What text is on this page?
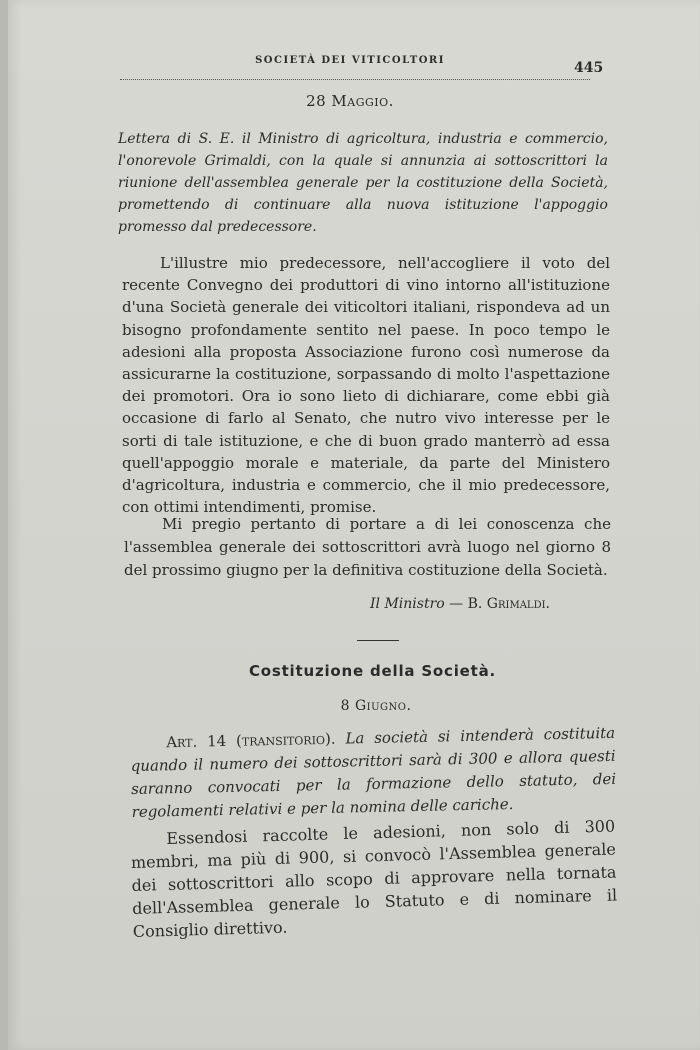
SOCIETÀ DEI VITICOLTORI	445
28 Maggio.

Lettera di S. E. il Ministro di agricoltura, industria e commercio, l'onorevole Grimaldi, con la quale si annunzia ai sottoscrittori la riunione dell'assemblea generale per la costituzione della Società, promettendo di continuare alla nuova istituzione l'appoggio promesso dal predecessore.

L'illustre mio predecessore, nell'accogliere il voto del recente Convegno dei produttori di vino intorno all'istituzione d'una Società generale dei viticoltori italiani, rispondeva ad un bisogno profondamente sentito nel paese. In poco tempo le adesioni alla proposta Associazione furono così numerose da assicurarne la costituzione, sorpassando di molto l'aspettazione dei promotori. Ora io sono lieto di dichiarare, come ebbi già occasione di farlo al Senato, che nutro vivo interesse per le sorti di tale istituzione, e che di buon grado manterrò ad essa quell'appoggio morale e materiale, da parte del Ministero d'agricoltura, industria e commercio, che il mio predecessore, con ottimi intendimenti, promise.

Mi pregio pertanto di portare a di lei conoscenza che l'assemblea generale dei sottoscrittori avrà luogo nel giorno 8 del prossimo giugno per la definitiva costituzione della Società.

Il Ministro — B. Grimaldi.
Costituzione della Società.
8 Giugno.

Art. 14 (transitorio). La società si intenderà costituita quando il numero dei sottoscrittori sarà di 300 e allora questi saranno convocati per la formazione dello statuto, dei regolamenti relativi e per la nomina delle cariche.

Essendosi raccolte le adesioni, non solo di 300 membri, ma più di 900, si convocò l'Assemblea generale dei sottoscrittori allo scopo di approvare nella tornata dell'Assemblea generale lo Statuto e di nominare il Consiglio direttivo.
